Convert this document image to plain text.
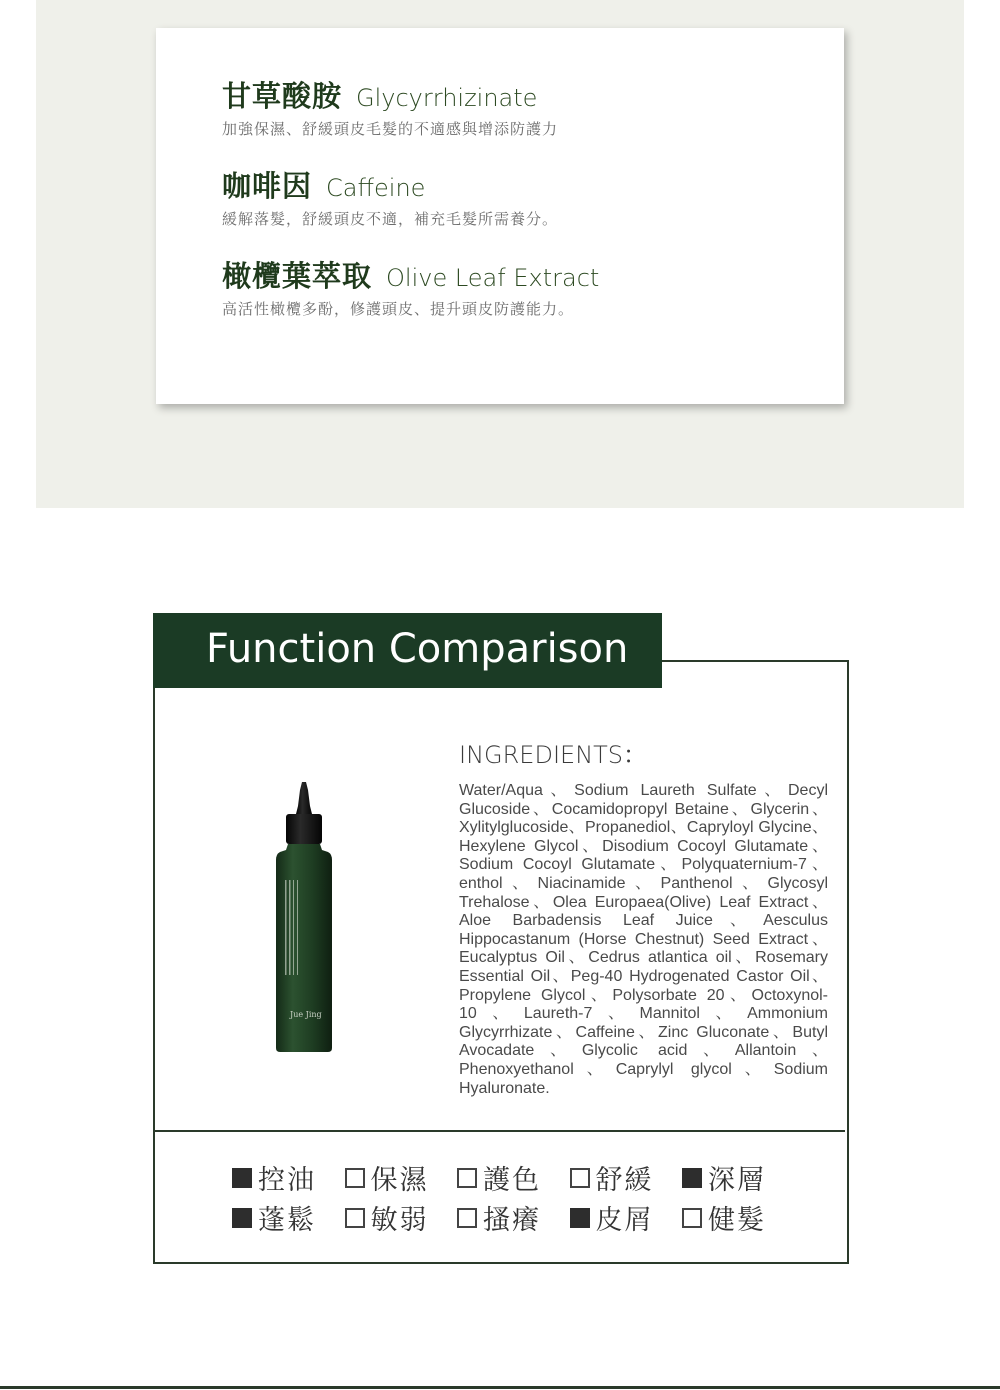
甘草酸胺 Glycyrrhizinate
加強保濕、舒緩頭皮毛髮的不適感與增添防護力
咖啡因 Caffeine
緩解落髮，舒緩頭皮不適，補充毛髮所需養分。
橄欖葉萃取 Olive Leaf Extract
高活性橄欖多酚，修護頭皮、提升頭皮防護能力。
Function Comparison
Jue Jing
INGREDIENTS：
Water/Aqua、Sodium Laureth Sulfate、Decyl Glucoside、Cocamidopropyl Betaine、Glycerin、Xylitylglucoside、Propanediol、Capryloyl Glycine、Hexylene Glycol、Disodium Cocoyl Glutamate、Sodium Cocoyl Glutamate、Polyquaternium-7、enthol、Niacinamide、Panthenol、Glycosyl Trehalose、Olea Europaea(Olive) Leaf Extract、Aloe Barbadensis Leaf Juice、Aesculus Hippocastanum (Horse Chestnut) Seed Extract、Eucalyptus Oil、Cedrus atlantica oil、Rosemary Essential Oil、Peg-40 Hydrogenated Castor Oil、Propylene Glycol、Polysorbate 20、Octoxynol-10、Laureth-7、Mannitol、Ammonium Glycyrrhizate、Caffeine、Zinc Gluconate、Butyl Avocadate、Glycolic acid、Allantoin、Phenoxyethanol、Caprylyl glycol、Sodium Hyaluronate.
控油 保濕 護色 舒緩 深層
蓬鬆 敏弱 搔癢 皮屑 健髮
